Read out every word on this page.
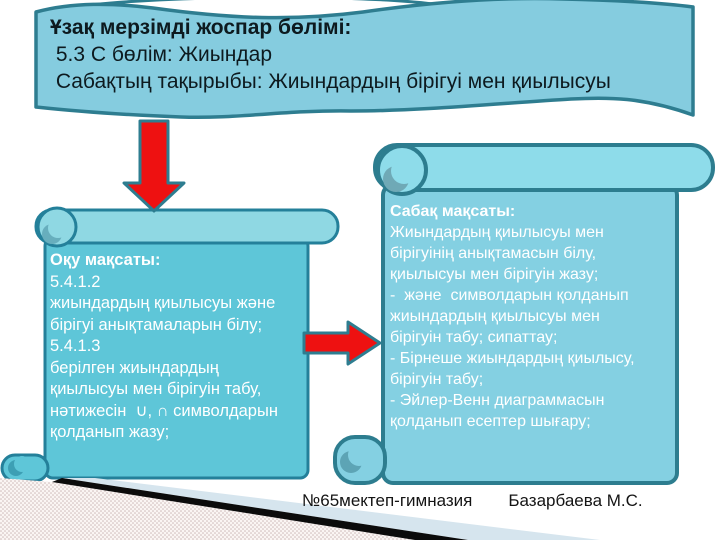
Ұзақ мерзімді жоспар бөлімі:
5.3 С бөлім: Жиындар
Сабақтың тақырыбы: Жиындардың бірігуі мен қиылысуы
Оқу мақсаты:
5.4.1.2
жиындардың қиылысуы және
бірігуі анықтамаларын білу;
5.4.1.3
берілген жиындардың
қиылысуы мен бірігуін табу,
нәтижесін  ∪, ∩ символдарын
қолданып жазу;
Сабақ мақсаты:
Жиындардың қиылысуы мен
бірігуінің анықтамасын білу,
қиылысуы мен бірігуін жазу;
-  және  символдарын қолданып
жиындардың қиылысуы мен
бірігуін табу; сипаттау;
- Бірнеше жиындардың қиылысу,
бірігуін табу;
- Эйлер-Венн диаграммасын
қолданып есептер шығару;
№65мектеп-гимназия Базарбаева М.С.
